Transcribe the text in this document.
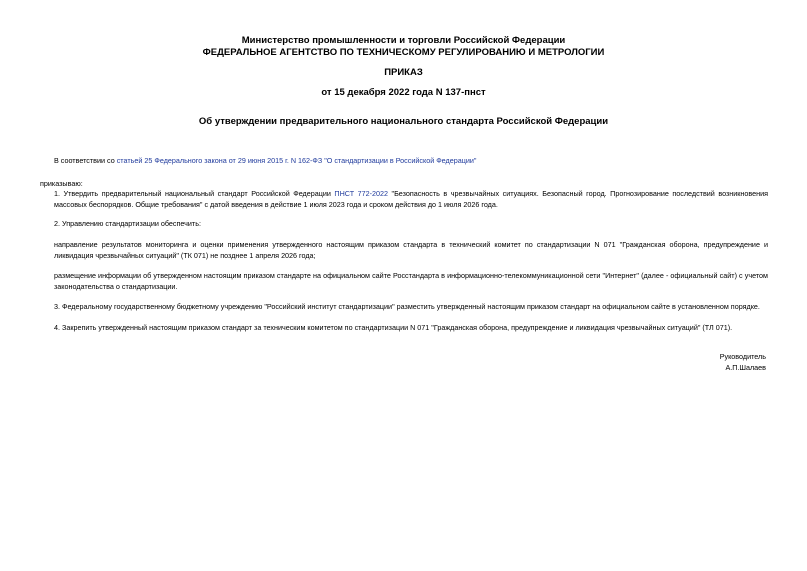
Министерство промышленности и торговли Российской Федерации
ФЕДЕРАЛЬНОЕ АГЕНТСТВО ПО ТЕХНИЧЕСКОМУ РЕГУЛИРОВАНИЮ И МЕТРОЛОГИИ
ПРИКАЗ
от 15 декабря 2022 года N 137-пнст
Об утверждении предварительного национального стандарта Российской Федерации
В соответствии со статьей 25 Федерального закона от 29 июня 2015 г. N 162-ФЗ "О стандартизации в Российской Федерации"
приказываю:
1. Утвердить предварительный национальный стандарт Российской Федерации ПНСТ 772-2022 "Безопасность в чрезвычайных ситуациях. Безопасный город. Прогнозирование последствий возникновения массовых беспорядков. Общие требования" с датой введения в действие 1 июля 2023 года и сроком действия до 1 июля 2026 года.
2. Управлению стандартизации обеспечить:
направление результатов мониторинга и оценки применения утвержденного настоящим приказом стандарта в технический комитет по стандартизации N 071 "Гражданская оборона, предупреждение и ликвидация чрезвычайных ситуаций" (ТК 071) не позднее 1 апреля 2026 года;
размещение информации об утвержденном настоящим приказом стандарте на официальном сайте Росстандарта в информационно-телекоммуникационной сети "Интернет" (далее - официальный сайт) с учетом законодательства о стандартизации.
3. Федеральному государственному бюджетному учреждению "Российский институт стандартизации" разместить утвержденный настоящим приказом стандарт на официальном сайте в установленном порядке.
4. Закрепить утвержденный настоящим приказом стандарт за техническим комитетом по стандартизации N 071 "Гражданская оборона, предупреждение и ликвидация чрезвычайных ситуаций" (ТЛ 071).
Руководитель
А.П.Шалаев
